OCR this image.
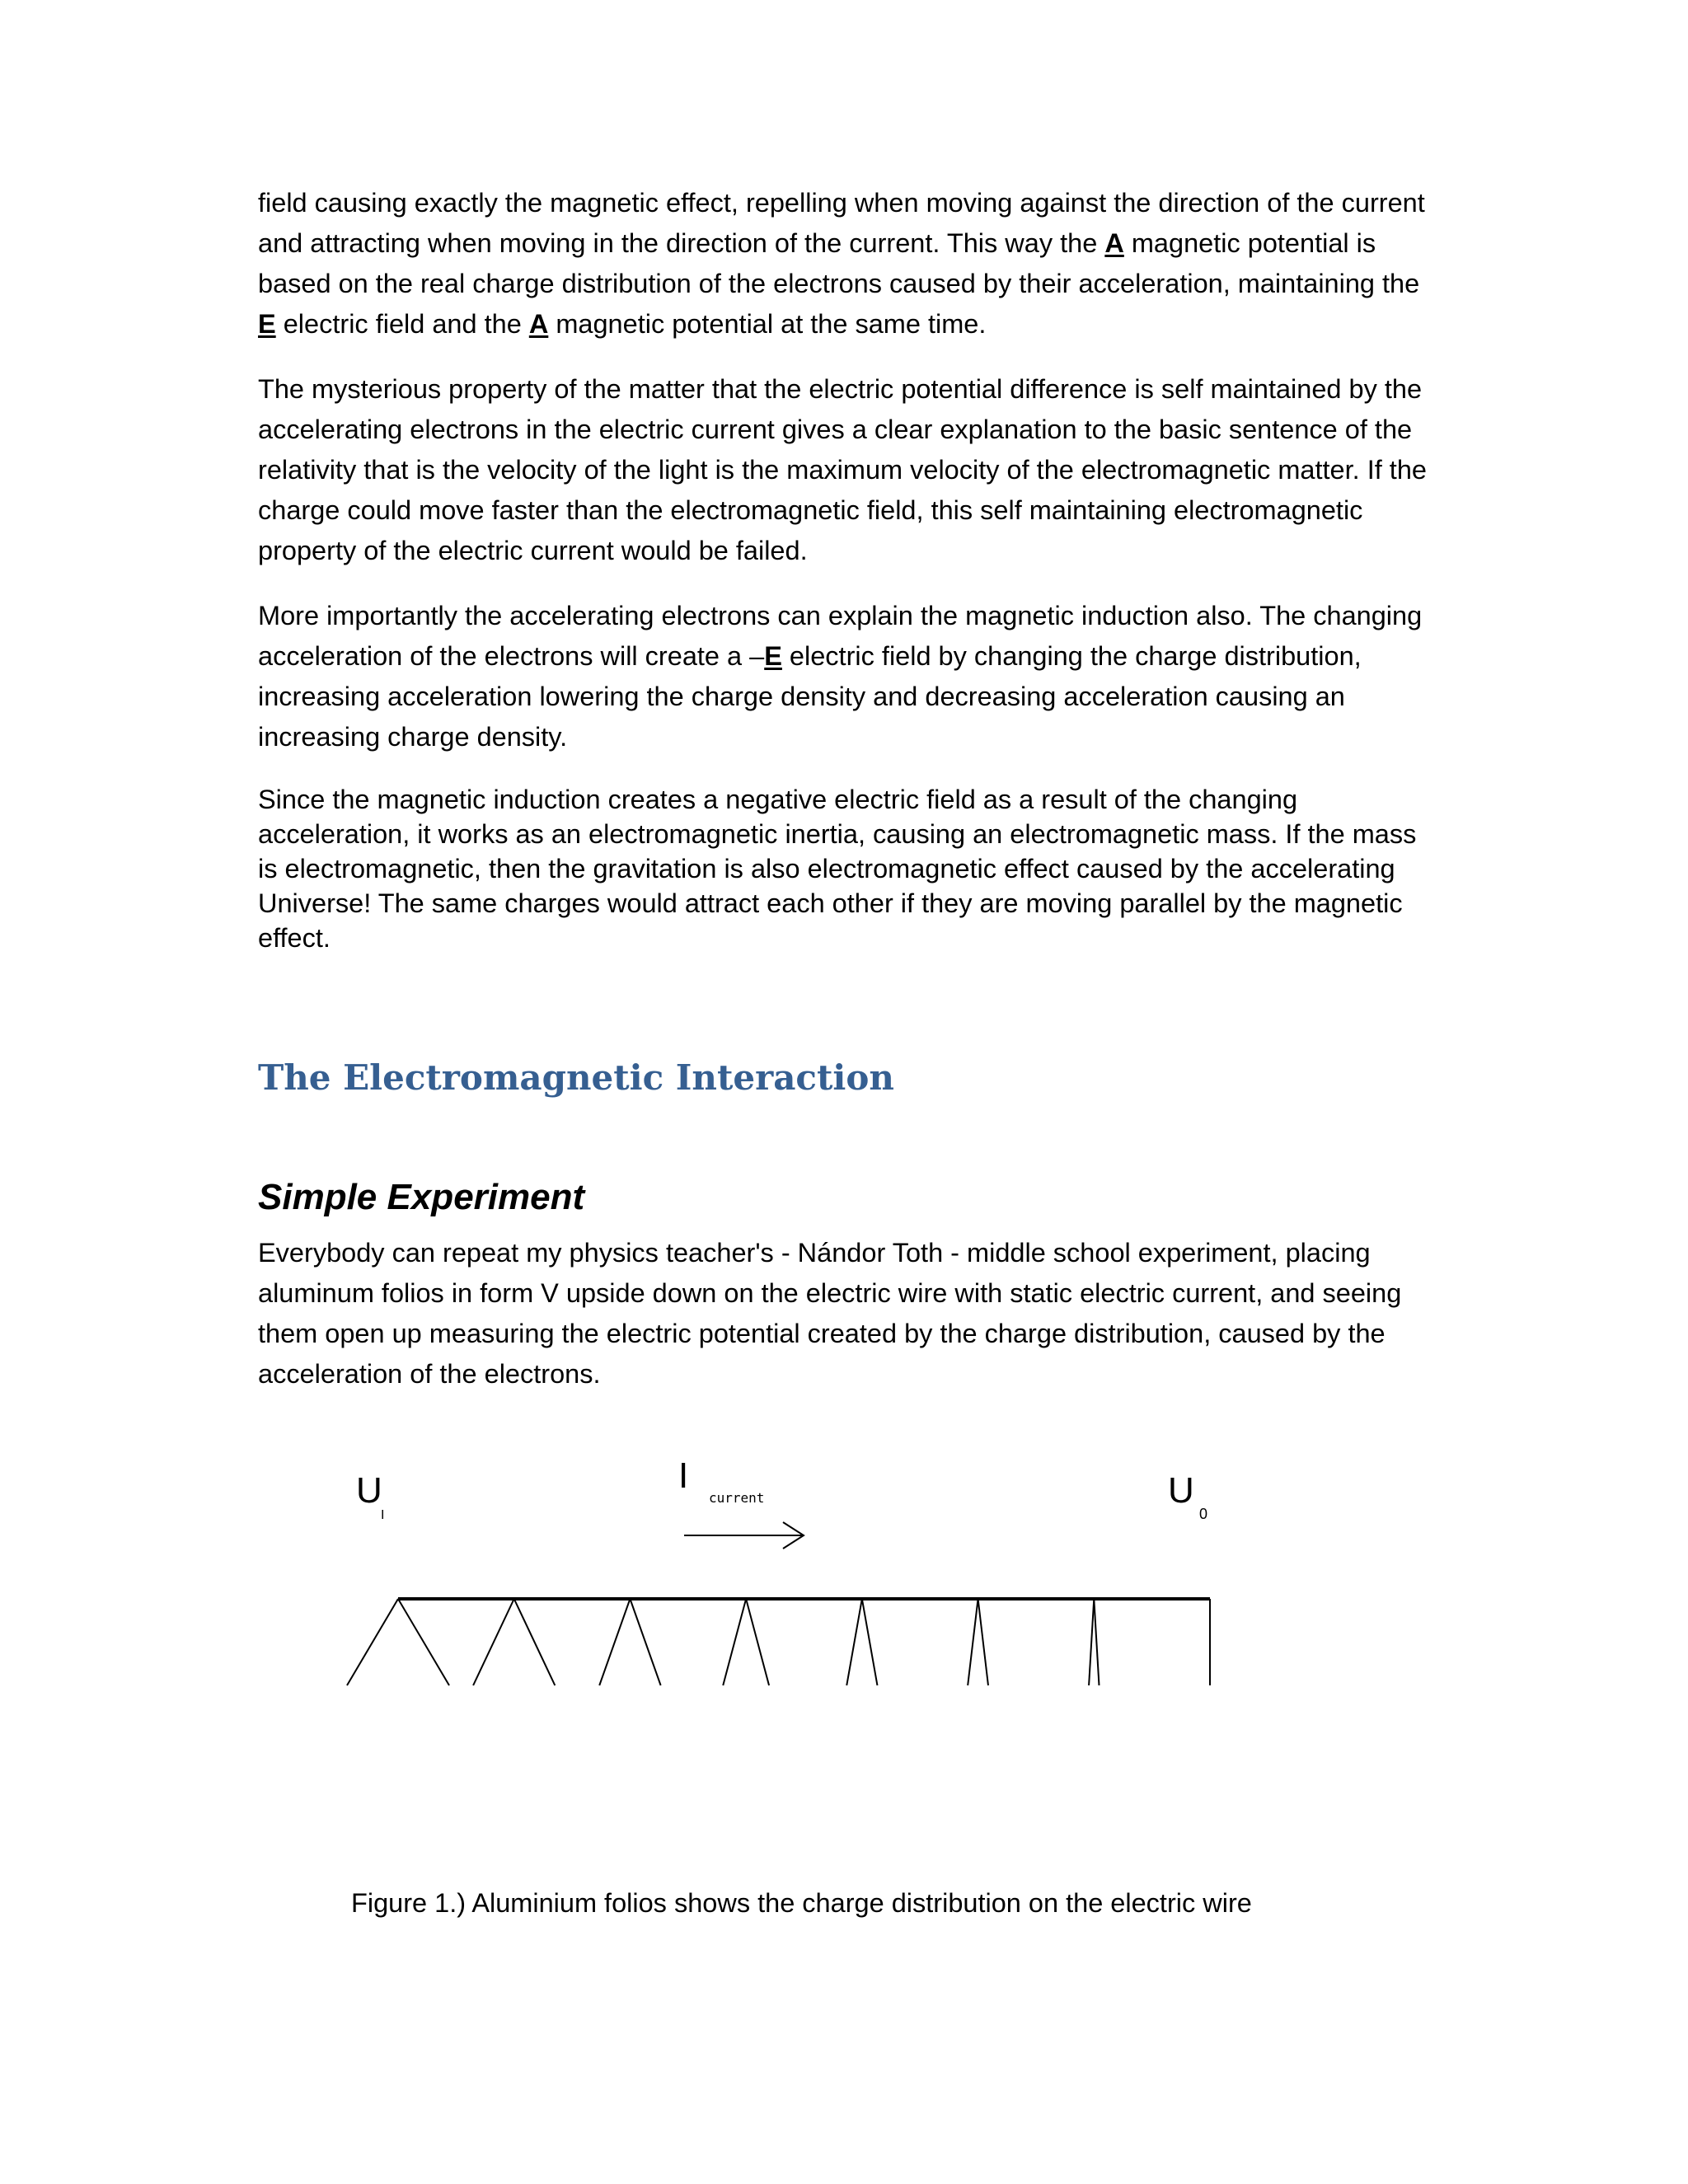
field causing exactly the magnetic effect, repelling when moving against the direction of the current and attracting when moving in the direction of the current. This way the A magnetic potential is based on the real charge distribution of the electrons caused by their acceleration, maintaining the E electric field and the A magnetic potential at the same time.

The mysterious property of the matter that the electric potential difference is self maintained by the accelerating electrons in the electric current gives a clear explanation to the basic sentence of the relativity that is the velocity of the light is the maximum velocity of the electromagnetic matter. If the charge could move faster than the electromagnetic field, this self maintaining electromagnetic property of the electric current would be failed.

More importantly the accelerating electrons can explain the magnetic induction also. The changing acceleration of the electrons will create a –E electric field by changing the charge distribution, increasing acceleration lowering the charge density and decreasing acceleration causing an increasing charge density.

Since the magnetic induction creates a negative electric field as a result of the changing acceleration, it works as an electromagnetic inertia, causing an electromagnetic mass. If the mass is electromagnetic, then the gravitation is also electromagnetic effect caused by the accelerating Universe! The same charges would attract each other if they are moving parallel by the magnetic effect.

The Electromagnetic Interaction
Simple Experiment

Everybody can repeat my physics teacher's - Nándor Toth - middle school experiment, placing aluminum folios in form V upside down on the electric wire with static electric current, and seeing them open up measuring the electric potential created by the charge distribution, caused by the acceleration of the electrons.

U
I
I
current	U
0

Figure 1.) Aluminium folios shows the charge distribution on the electric wire
